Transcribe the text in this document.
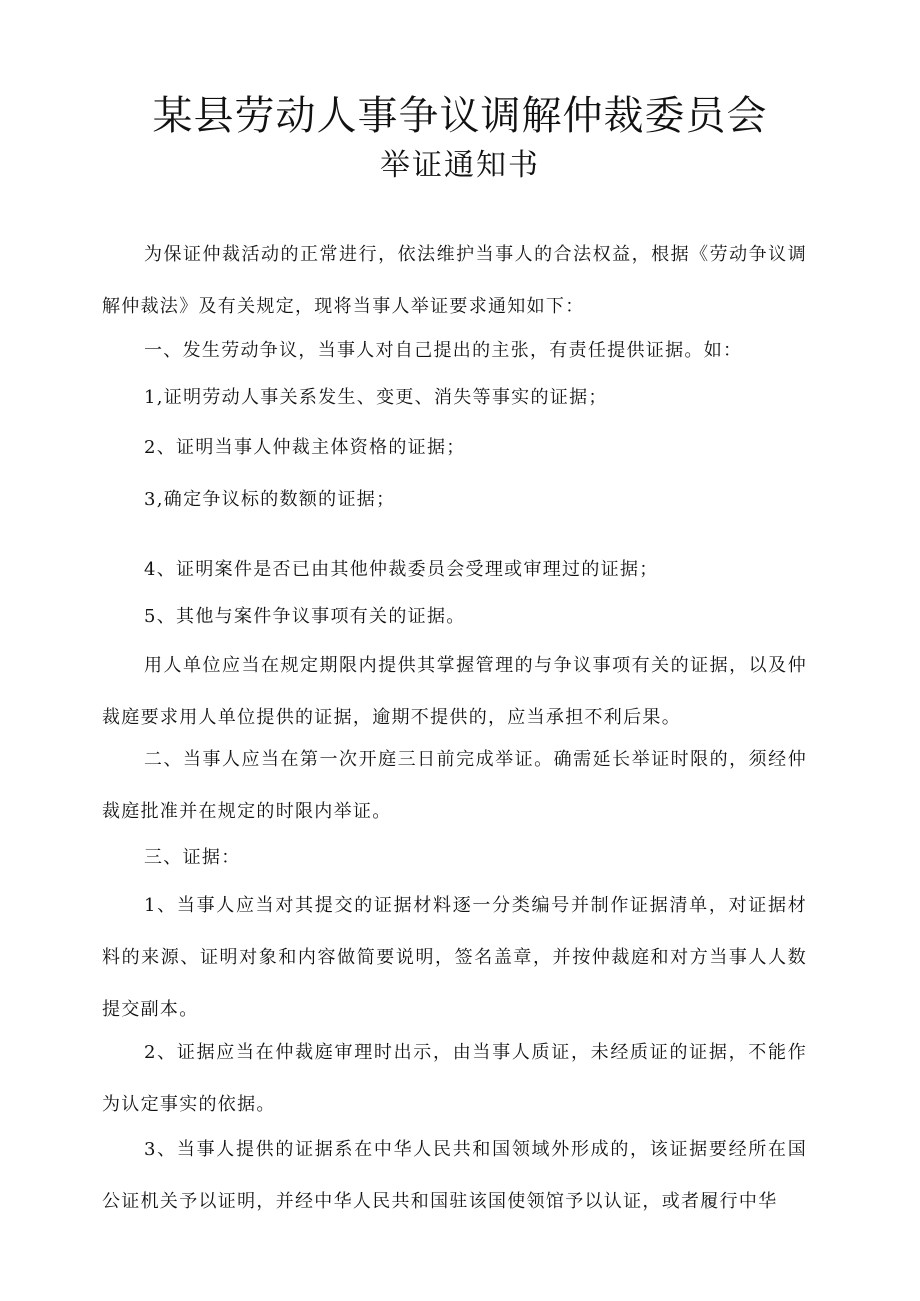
某县劳动人事争议调解仲裁委员会
举证通知书

为保证仲裁活动的正常进行，依法维护当事人的合法权益，根据《劳动争议调解仲裁法》及有关规定，现将当事人举证要求通知如下：

一、发生劳动争议，当事人对自己提出的主张，有责任提供证据。如：

1,证明劳动人事关系发生、变更、消失等事实的证据；

2、证明当事人仲裁主体资格的证据；

3,确定争议标的数额的证据；

4、证明案件是否已由其他仲裁委员会受理或审理过的证据；

5、其他与案件争议事项有关的证据。

用人单位应当在规定期限内提供其掌握管理的与争议事项有关的证据，以及仲裁庭要求用人单位提供的证据，逾期不提供的，应当承担不利后果。

二、当事人应当在第一次开庭三日前完成举证。确需延长举证时限的，须经仲裁庭批准并在规定的时限内举证。

三、证据：

1、当事人应当对其提交的证据材料逐一分类编号并制作证据清单，对证据材料的来源、证明对象和内容做简要说明，签名盖章，并按仲裁庭和对方当事人人数提交副本。

2、证据应当在仲裁庭审理时出示，由当事人质证，未经质证的证据，不能作为认定事实的依据。

3、当事人提供的证据系在中华人民共和国领域外形成的，该证据要经所在国公证机关予以证明，并经中华人民共和国驻该国使领馆予以认证，或者履行中华
